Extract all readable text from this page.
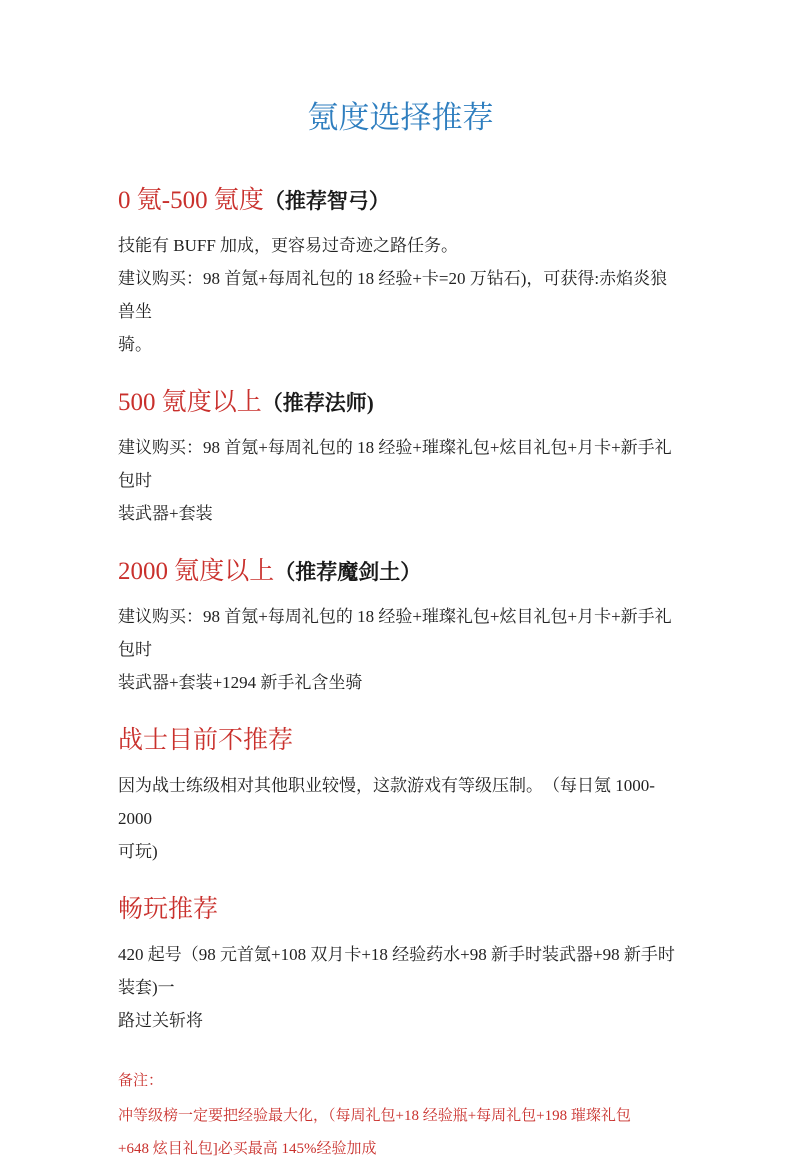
氪度选择推荐
0 氪-500 氪度（推荐智弓）
技能有 BUFF 加成，更容易过奇迹之路任务。
建议购买：98 首氪+每周礼包的 18 经验+卡=20 万钻石)，可获得:赤焰炎狼兽坐
骑。
500 氪度以上（推荐法师)
建议购买：98 首氪+每周礼包的 18 经验+璀璨礼包+炫目礼包+月卡+新手礼包时
装武器+套装
2000 氪度以上（推荐魔剑土）
建议购买：98 首氪+每周礼包的 18 经验+璀璨礼包+炫目礼包+月卡+新手礼包时
装武器+套装+1294 新手礼含坐骑
战士目前不推荐
因为战士练级相对其他职业较慢，这款游戏有等级压制。　（每日氪 1000-2000
可玩)
畅玩推荐
420 起号（98 元首氪+108 双月卡+18 经验药水+98 新手时装武器+98 新手时装套)一
路过关斩将
备注：
冲等级榜一定要把经验最大化，（每周礼包+18 经验瓶+每周礼包+198 璀璨礼包
+648 炫目礼包]必买最高 145%经验加成
